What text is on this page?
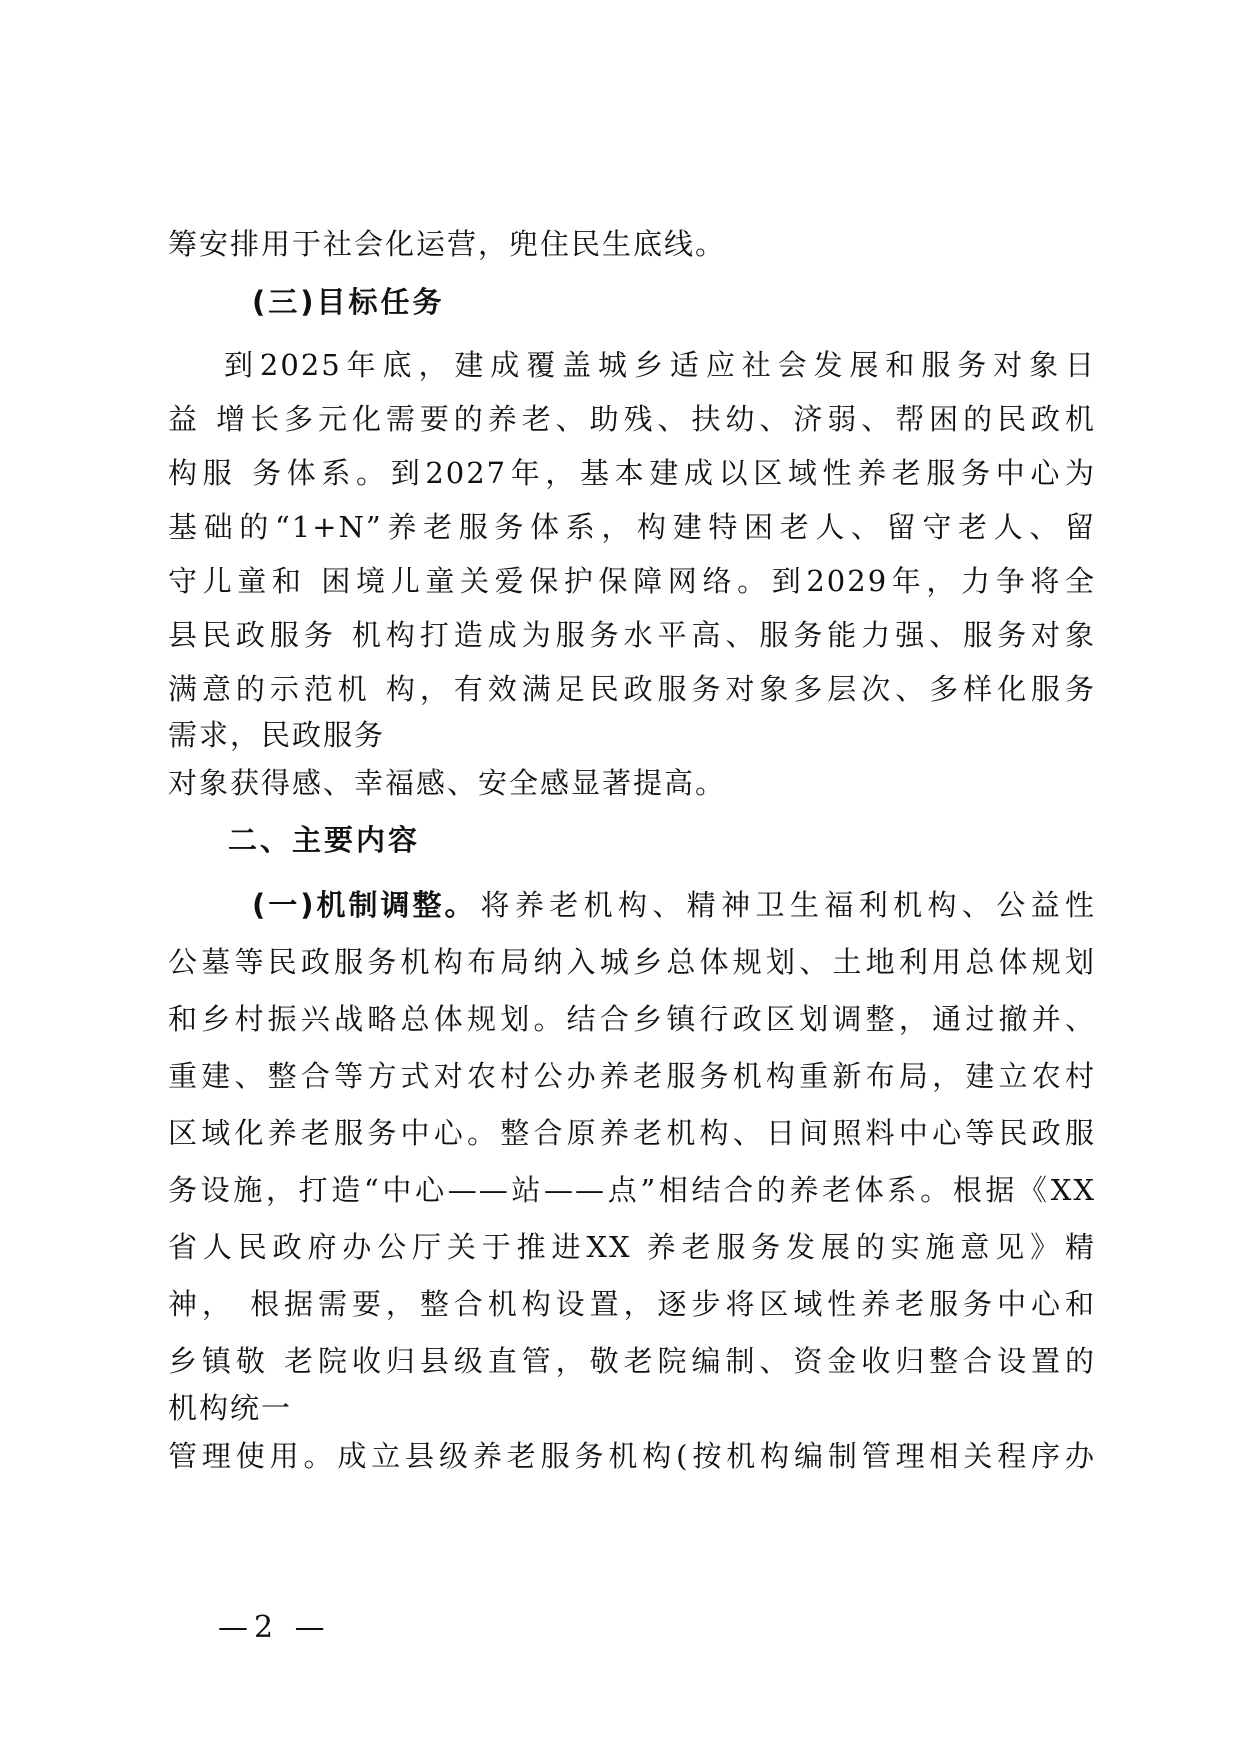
筹安排用于社会化运营，兜住民生底线。
(三)目标任务
到2025年底，建成覆盖城乡适应社会发展和服务对象日
益 增长多元化需要的养老、助残、扶幼、济弱、帮困的民政机
构服 务体系。到2027年，基本建成以区域性养老服务中心为
基础的“1+N”养老服务体系，构建特困老人、留守老人、留
守儿童和 困境儿童关爱保护保障网络。到2029年，力争将全
县民政服务 机构打造成为服务水平高、服务能力强、服务对象
满意的示范机 构，有效满足民政服务对象多层次、多样化服务
需求，民政服务
对象获得感、幸福感、安全感显著提高。
二、主要内容
(一)机制调整。 将养老机构、精神卫生福利机构、公益性
公墓等民政服务机构布局纳入城乡总体规划、土地利用总体规划
和乡村振兴战略总体规划。结合乡镇行政区划调整，通过撤并、
重建、整合等方式对农村公办养老服务机构重新布局，建立农村
区域化养老服务中心。整合原养老机构、日间照料中心等民政服
务设施，打造“中心——站——点”相结合的养老体系。根据《XX
省人民政府办公厅关于推进XX 养老服务发展的实施意见》精
神， 根据需要，整合机构设置，逐步将区域性养老服务中心和
乡镇敬 老院收归县级直管，敬老院编制、资金收归整合设置的
机构统一
管理使用。成立县级养老服务机构(按机构编制管理相关程序办
—2 —
